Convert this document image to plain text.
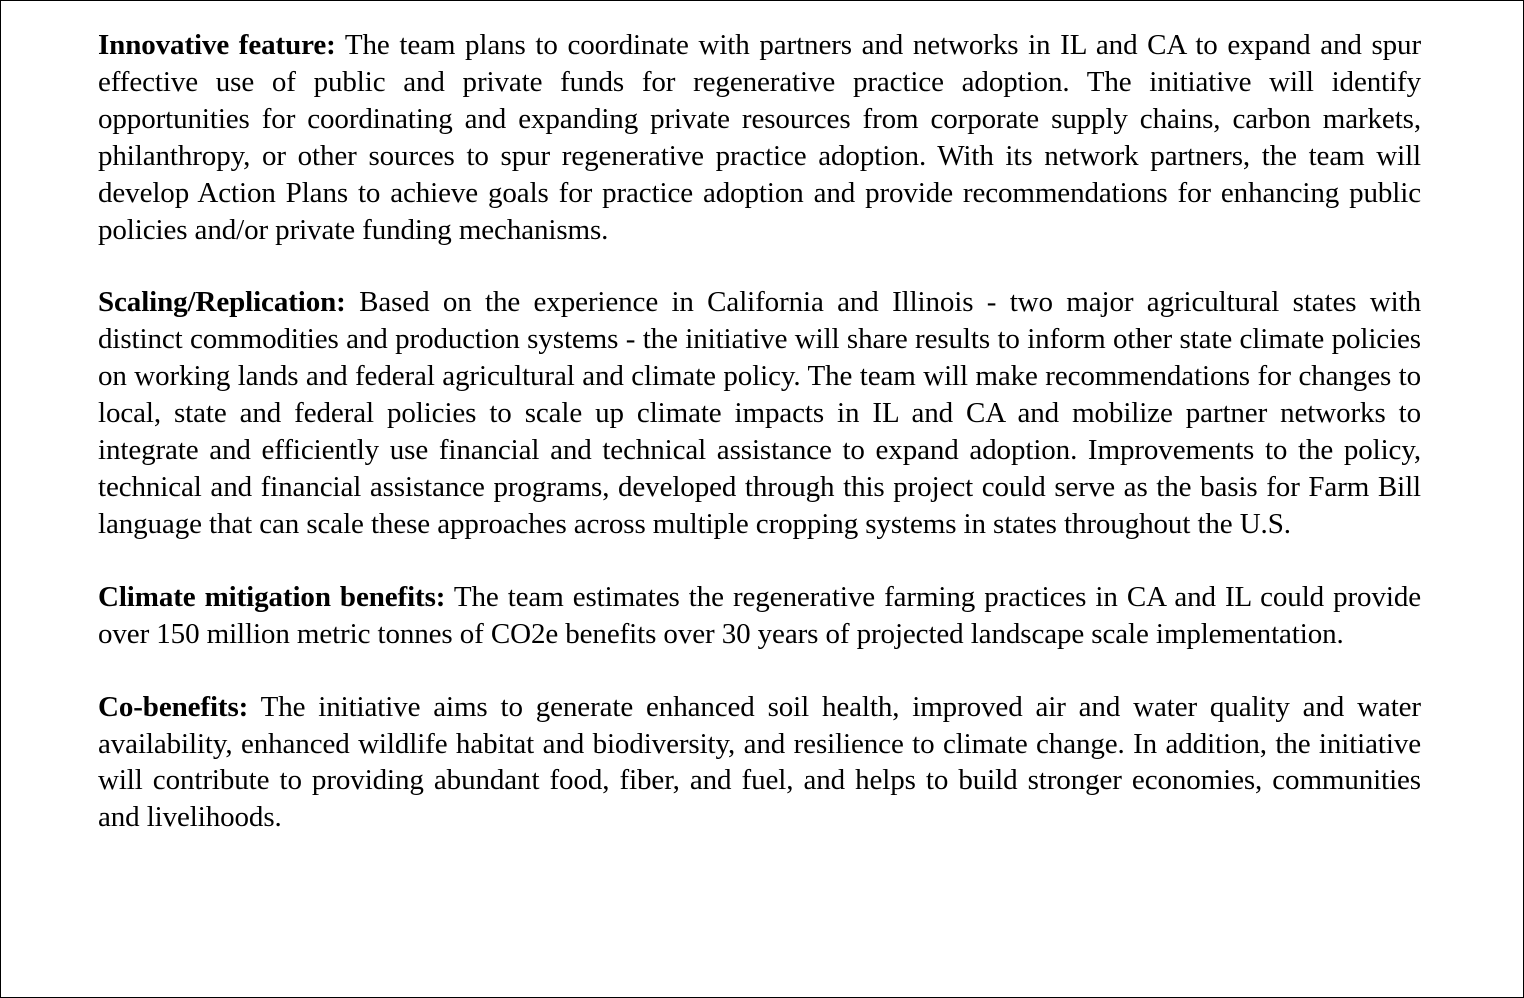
Innovative feature: The team plans to coordinate with partners and networks in IL and CA to expand and spur effective use of public and private funds for regenerative practice adoption. The initiative will identify opportunities for coordinating and expanding private resources from corporate supply chains, carbon markets, philanthropy, or other sources to spur regenerative practice adoption. With its network partners, the team will develop Action Plans to achieve goals for practice adoption and provide recommendations for enhancing public policies and/or private funding mechanisms.

Scaling/Replication: Based on the experience in California and Illinois - two major agricultural states with distinct commodities and production systems - the initiative will share results to inform other state climate policies on working lands and federal agricultural and climate policy. The team will make recommendations for changes to local, state and federal policies to scale up climate impacts in IL and CA and mobilize partner networks to integrate and efficiently use financial and technical assistance to expand adoption. Improvements to the policy, technical and financial assistance programs, developed through this project could serve as the basis for Farm Bill language that can scale these approaches across multiple cropping systems in states throughout the U.S.

Climate mitigation benefits: The team estimates the regenerative farming practices in CA and IL could provide over 150 million metric tonnes of CO2e benefits over 30 years of projected landscape scale implementation.

Co-benefits: The initiative aims to generate enhanced soil health, improved air and water quality and water availability, enhanced wildlife habitat and biodiversity, and resilience to climate change. In addition, the initiative will contribute to providing abundant food, fiber, and fuel, and helps to build stronger economies, communities and livelihoods.
